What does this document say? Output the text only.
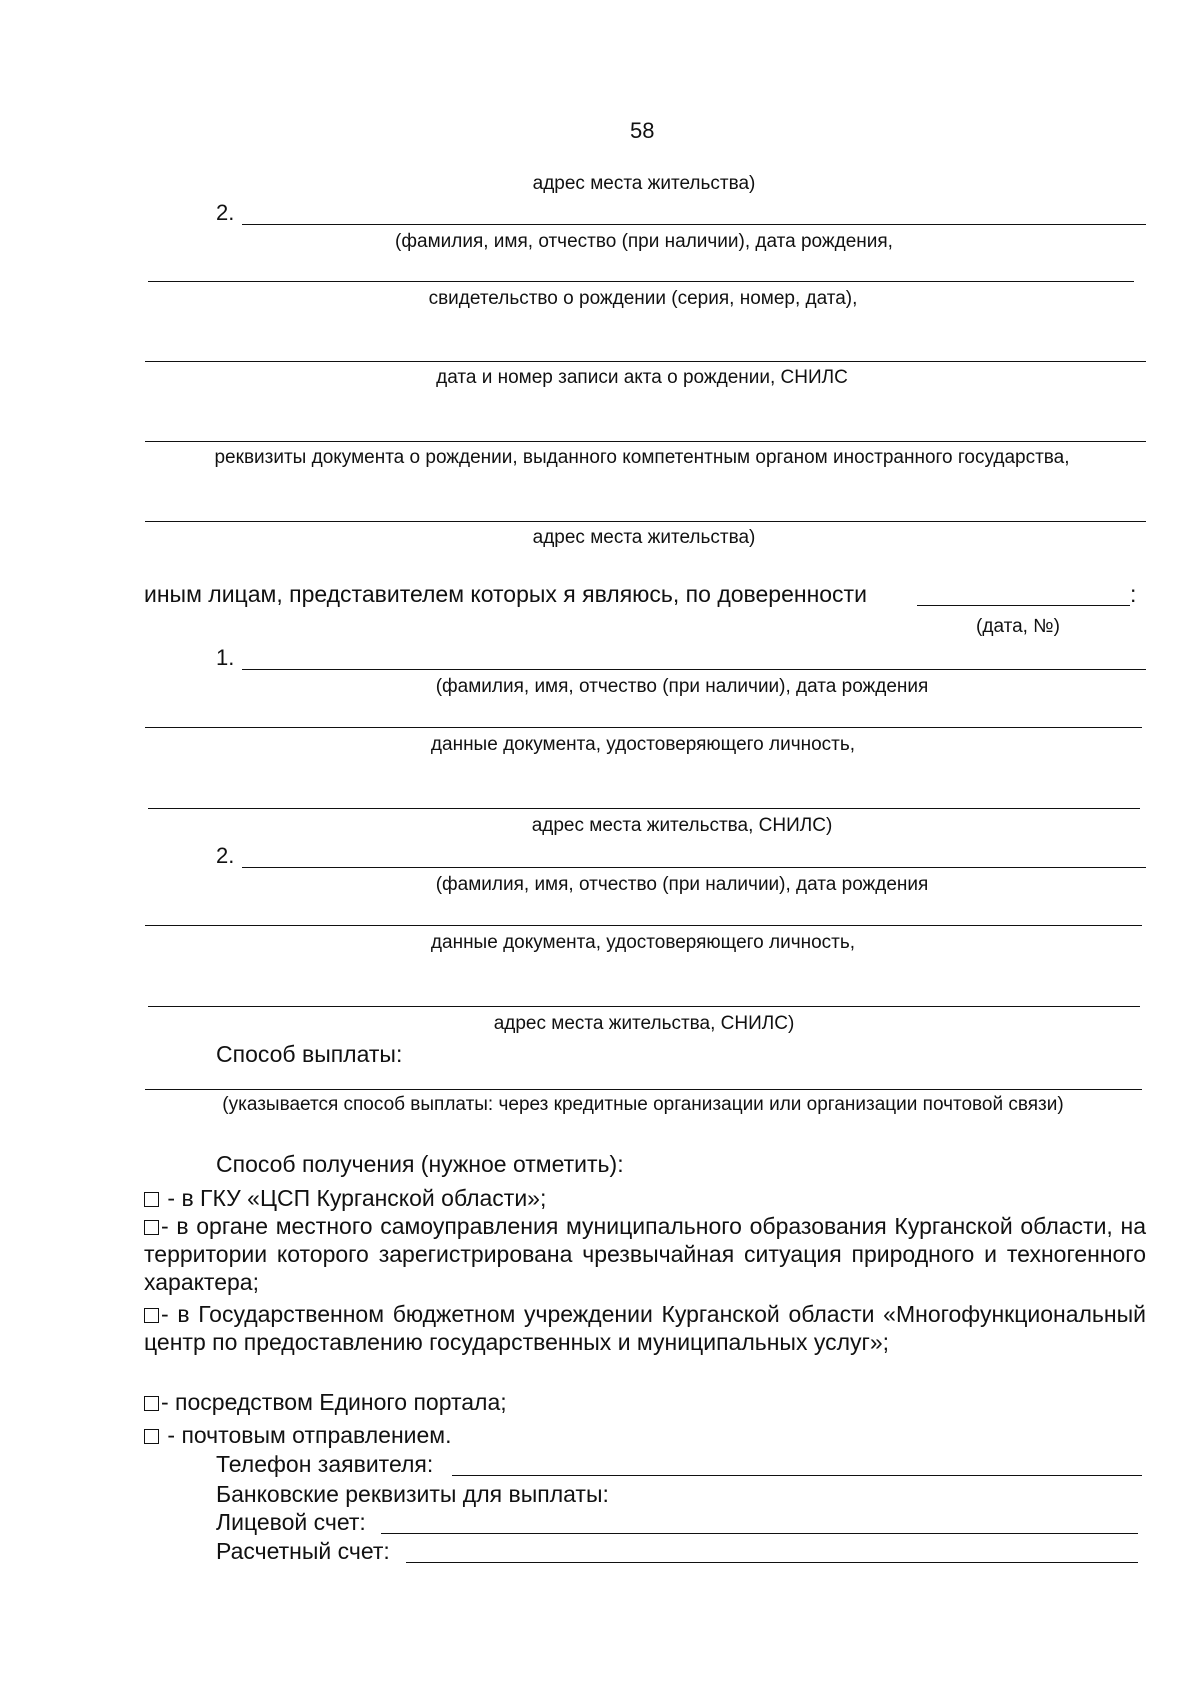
58
адрес места жительства)
2.
(фамилия, имя, отчество (при наличии), дата рождения,
свидетельство о рождении (серия, номер, дата),
дата и номер записи акта о рождении, СНИЛС
реквизиты документа о рождении, выданного компетентным органом иностранного государства,
адрес места жительства)
иным лицам, представителем которых я являюсь, по доверенности	:
(дата, №)
1.
(фамилия, имя, отчество (при наличии), дата рождения
данные документа, удостоверяющего личность,
адрес места жительства, СНИЛС)
2.
(фамилия, имя, отчество (при наличии), дата рождения
данные документа, удостоверяющего личность,
адрес места жительства, СНИЛС)
Способ выплаты:
(указывается способ выплаты: через кредитные организации или организации почтовой связи)
Способ получения (нужное отметить):
- в ГКУ «ЦСП Курганской области»;
- в органе местного самоуправления муниципального образования Курганской области, на территории которого зарегистрирована чрезвычайная ситуация природного и техногенного характера;
- в Государственном бюджетном учреждении Курганской области «Многофункциональный центр по предоставлению государственных и муниципальных услуг»;
- посредством Единого портала;
- почтовым отправлением.
Телефон заявителя:
Банковские реквизиты для выплаты:
Лицевой счет:
Расчетный счет:
